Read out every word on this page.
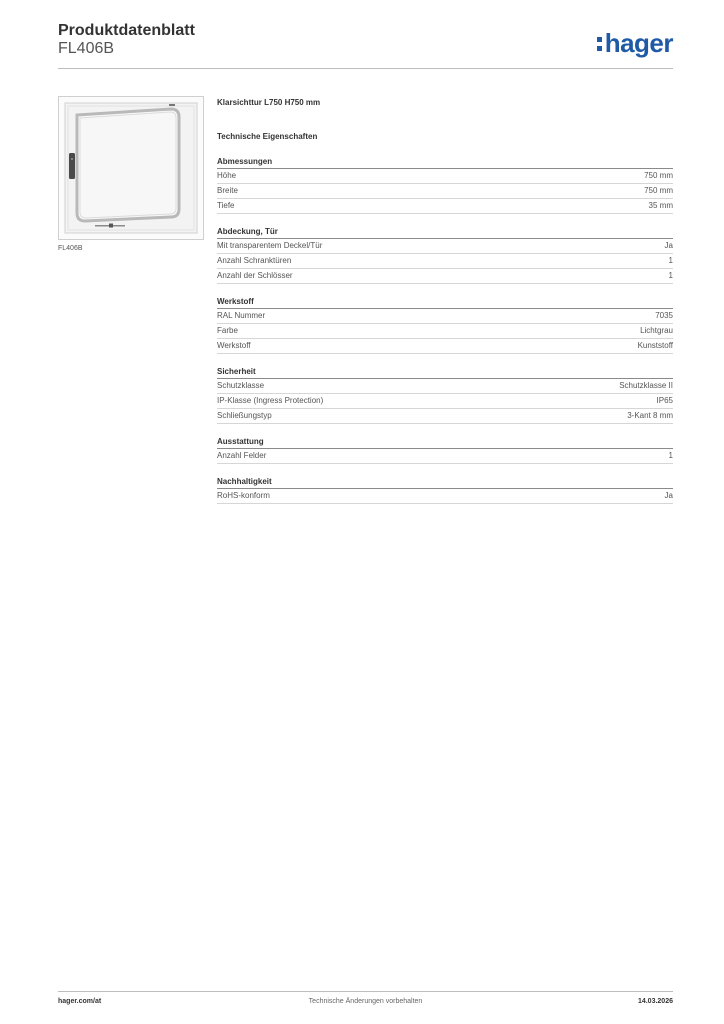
Produktdatenblatt
FL406B	hager
FL406B
Klarsichttur L750 H750 mm
Technische Eigenschaften
Abmessungen
Höhe	750 mm
Breite	750 mm
Tiefe	35 mm
Abdeckung, Tür
Mit transparentem Deckel/Tür	Ja
Anzahl Schranktüren	1
Anzahl der Schlösser	1
Werkstoff
RAL Nummer	7035
Farbe	Lichtgrau
Werkstoff	Kunststoff
Sicherheit
Schutzklasse	Schutzklasse II
IP-Klasse (Ingress Protection)	IP65
Schließungstyp	3-Kant 8 mm
Ausstattung
Anzahl Felder	1
Nachhaltigkeit
RoHS-konform	Ja
hager.com/at	Technische Änderungen vorbehalten	14.03.2026
